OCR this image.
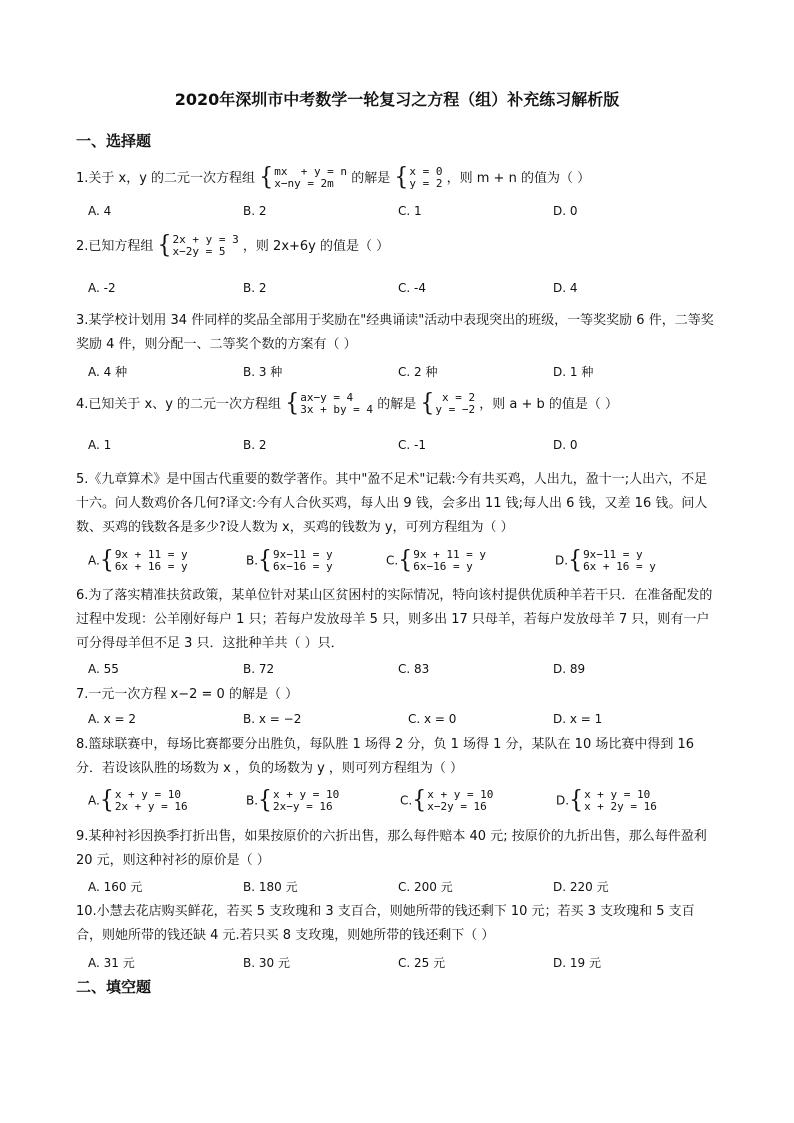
2020年深圳市中考数学一轮复习之方程（组）补充练习解析版
一、选择题
1.关于 x，y 的二元一次方程组 { mx  + y = n
x−ny = 2m	的解是 { x = 0
y = 2 ，则 m + n 的值为（ ）
A. 4	B. 2	C. 1	D. 0
2.已知方程组 { 2x + y = 3
x−2y = 5	，则 2x+6y 的值是（ ）
A. -2	B. 2	C. -4	D. 4
3.某学校计划用 34 件同样的奖品全部用于奖励在"经典诵读"活动中表现突出的班级，一等奖奖励 6 件，二等奖奖励 4 件，则分配一、二等奖个数的方案有（ ）
A. 4 种	B. 3 种	C. 2 种	D. 1 种
4.已知关于 x、y 的二元一次方程组 { ax−y = 4
3x + by = 4 的解是 { x = 2
y = −2 ，则 a + b 的值是（ ）
A. 1	B. 2	C. -1	D. 0
5.《九章算术》是中国古代重要的数学著作。其中"盈不足术"记载:今有共买鸡，人出九，盈十一;人出六，不足十六。问人数鸡价各几何?译文:今有人合伙买鸡，每人出 9 钱，会多出 11 钱;每人出 6 钱，又差 16 钱。问人数、买鸡的钱数各是多少?设人数为 x，买鸡的钱数为 y，可列方程组为（ ）
A.{ 9x + 11 = y
6x + 16 = y	B.{ 9x−11 = y
6x−16 = y	C.{ 9x + 11 = y
6x−16 = y	D.{ 9x−11 = y
6x + 16 = y
6.为了落实精准扶贫政策，某单位针对某山区贫困村的实际情况，特向该村提供优质种羊若干只．在准备配发的过程中发现：公羊刚好每户 1 只；若每户发放母羊 5 只，则多出 17 只母羊，若每户发放母羊 7 只，则有一户可分得母羊但不足 3 只．这批种羊共（ ）只．
A. 55	B. 72	C. 83	D. 89
7.一元一次方程 x−2 = 0 的解是（ ）
A. x = 2	B. x = −2	C. x = 0	D. x = 1
8.篮球联赛中，每场比赛都要分出胜负，每队胜 1 场得 2 分，负 1 场得 1 分，某队在 10 场比赛中得到 16 分．若设该队胜的场数为 x ，负的场数为 y ，则可列方程组为（ ）
A.{ x + y = 10
2x + y = 16	B.{ x + y = 10
2x−y = 16	C.{ x + y = 10
x−2y = 16	D.{ x + y = 10
x + 2y = 16
9.某种衬衫因换季打折出售，如果按原价的六折出售，那么每件赔本 40 元; 按原价的九折出售，那么每件盈利 20 元，则这种衬衫的原价是（ ）
A. 160 元	B. 180 元	C. 200 元	D. 220 元
10.小慧去花店购买鲜花，若买 5 支玫瑰和 3 支百合，则她所带的钱还剩下 10 元；若买 3 支玫瑰和 5 支百合，则她所带的钱还缺 4 元.若只买 8 支玫瑰，则她所带的钱还剩下（ ）
A. 31 元	B. 30 元	C. 25 元	D. 19 元
二、填空题
